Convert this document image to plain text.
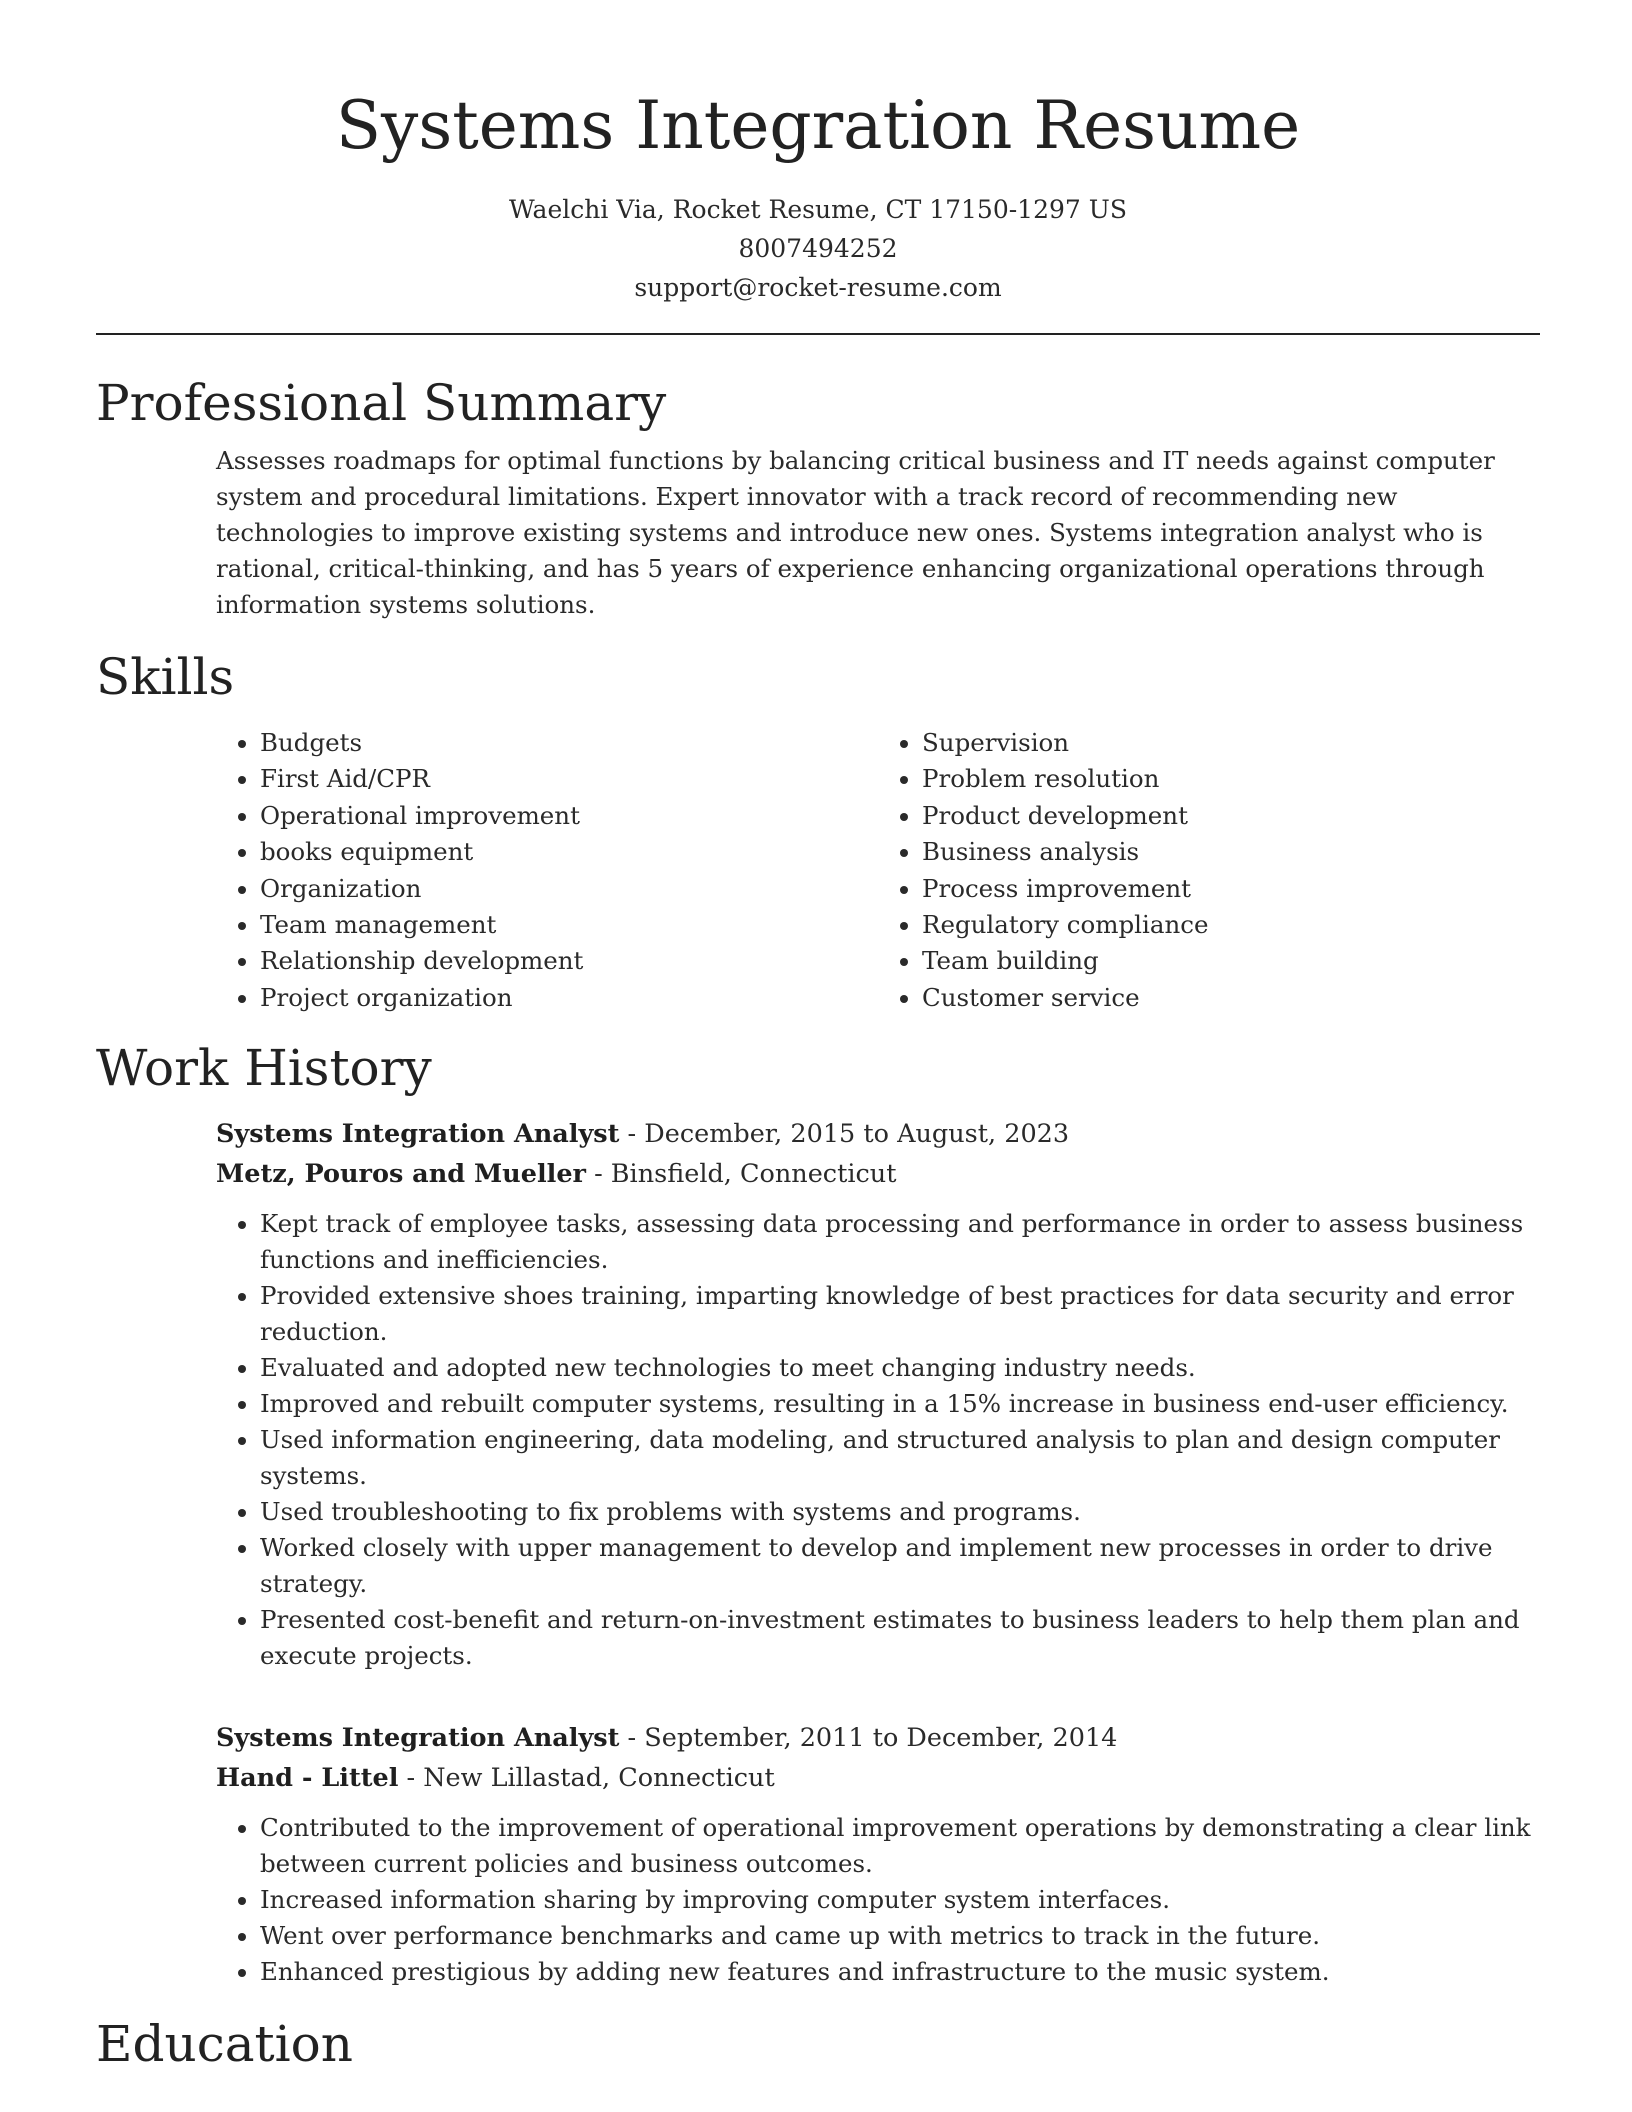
Systems Integration Resume
Waelchi Via, Rocket Resume, CT 17150-1297 US
8007494252
support@rocket-resume.com
Professional Summary

Assesses roadmaps for optimal functions by balancing critical business and IT needs against computer system and procedural limitations. Expert innovator with a track record of recommending new technologies to improve existing systems and introduce new ones. Systems integration analyst who is rational, critical-thinking, and has 5 years of experience enhancing organizational operations through information systems solutions.

Skills
• Budgets
• First Aid/CPR
• Operational improvement
• books equipment
• Organization
• Team management
• Relationship development
• Project organization
• Supervision
• Problem resolution
• Product development
• Business analysis
• Process improvement
• Regulatory compliance
• Team building
• Customer service
Work History
Systems Integration Analyst - December, 2015 to August, 2023
Metz, Pouros and Mueller - Binsfield, Connecticut
• Kept track of employee tasks, assessing data processing and performance in order to assess business functions and inefficiencies.
• Provided extensive shoes training, imparting knowledge of best practices for data security and error reduction.
• Evaluated and adopted new technologies to meet changing industry needs.
• Improved and rebuilt computer systems, resulting in a 15% increase in business end-user efficiency.
• Used information engineering, data modeling, and structured analysis to plan and design computer systems.
• Used troubleshooting to fix problems with systems and programs.
• Worked closely with upper management to develop and implement new processes in order to drive strategy.
• Presented cost-benefit and return-on-investment estimates to business leaders to help them plan and execute projects.
Systems Integration Analyst - September, 2011 to December, 2014
Hand - Littel - New Lillastad, Connecticut
• Contributed to the improvement of operational improvement operations by demonstrating a clear link between current policies and business outcomes.
• Increased information sharing by improving computer system interfaces.
• Went over performance benchmarks and came up with metrics to track in the future.
• Enhanced prestigious by adding new features and infrastructure to the music system.
Education
